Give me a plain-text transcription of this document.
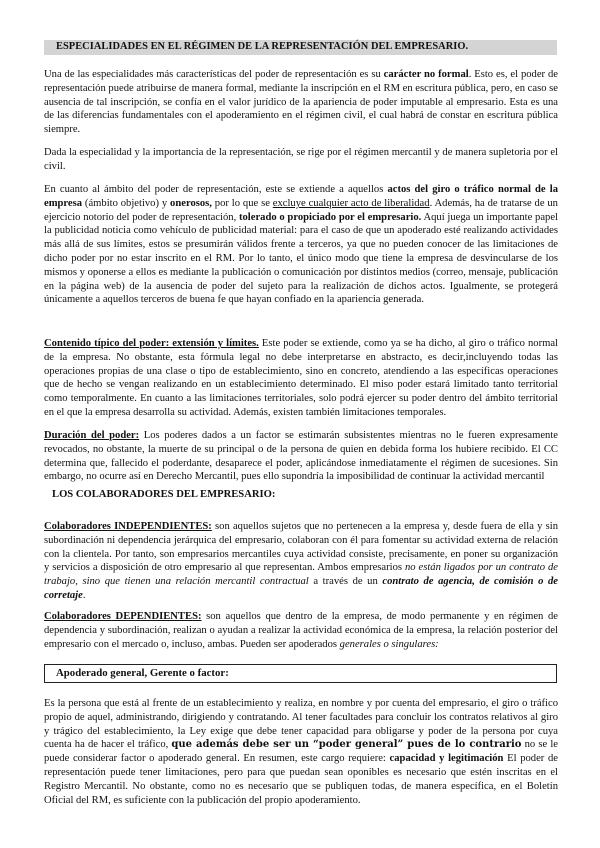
ESPECIALIDADES EN EL RÉGIMEN DE LA REPRESENTACIÓN DEL EMPRESARIO.

Una de las especialidades más características del poder de representación es su carácter no formal. Esto es, el poder de representación puede atribuirse de manera formal, mediante la inscripción en el RM en escritura pública, pero, en caso se ausencia de tal inscripción, se confía en el valor jurídico de la apariencia de poder imputable al empresario. Esta es una de las diferencias fundamentales con el apoderamiento en el régimen civil, el cual habrá de constar en escritura pública siempre.

Dada la especialidad y la importancia de la representación, se rige por el régimen mercantil y de manera supletoria por el civil.

En cuanto al ámbito del poder de representación, este se extiende a aquellos actos del giro o tráfico normal de la empresa (ámbito objetivo) y onerosos, por lo que se excluye cualquier acto de liberalidad. Además, ha de tratarse de un ejercicio notorio del poder de representación, tolerado o propiciado por el empresario. Aquí juega un importante papel la publicidad noticia como vehículo de publicidad material: para el caso de que un apoderado esté realizando actividades más allá de sus límites, estos se presumirán válidos frente a terceros, ya que no pueden conocer de las limitaciones de dicho poder por no estar inscrito en el RM. Por lo tanto, el único modo que tiene la empresa de desvincularse de los mismos y oponerse a ellos es mediante la publicación o comunicación por distintos medios (correo, mensaje, publicación en la página web) de la ausencia de poder del sujeto para la realización de dichos actos. Igualmente, se protegerá únicamente a aquellos terceros de buena fe que hayan confiado en la apariencia generada.

Contenido típico del poder: extensión y límites. Este poder se extiende, como ya se ha dicho, al giro o tráfico normal de la empresa. No obstante, esta fórmula legal no debe interpretarse en abstracto, es decir,incluyendo todas las operaciones propias de una clase o tipo de establecimiento, sino en concreto, atendiendo a las específicas operaciones que de hecho se vengan realizando en un establecimiento determinado. El miso poder estará limitado tanto territorial como temporalmente. En cuanto a las limitaciones territoriales, solo podrá ejercer su poder dentro del ámbito territorial en el que la empresa desarrolla su actividad. Además, existen también limitaciones temporales.

Duración del poder: Los poderes dados a un factor se estimarán subsistentes mientras no le fueren expresamente revocados, no obstante, la muerte de su principal o de la persona de quien en debida forma los hubiere recibido. El CC determina que, fallecido el poderdante, desaparece el poder, aplicándose inmediatamente el régimen de sucesiones. Sin embargo, no ocurre así en Derecho Mercantil, pues ello supondría la imposibilidad de continuar la actividad mercantil

LOS COLABORADORES DEL EMPRESARIO:

Colaboradores INDEPENDIENTES: son aquellos sujetos que no pertenecen a la empresa y, desde fuera de ella y sin subordinación ni dependencia jerárquica del empresario, colaboran con él para fomentar su actividad externa de relación con la clientela. Por tanto, son empresarios mercantiles cuya actividad consiste, precisamente, en poner su organización y servicios a disposición de otro empresario al que representan. Ambos empresarios no están ligados por un contrato de trabajo, sino que tienen una relación mercantil contractual a través de un contrato de agencia, de comisión o de corretaje.

Colaboradores DEPENDIENTES: son aquellos que dentro de la empresa, de modo permanente y en régimen de dependencia y subordinación, realizan o ayudan a realizar la actividad económica de la empresa, la relación posterior del empresario con el mercado o, incluso, ambas. Pueden ser apoderados generales o singulares:

Apoderado general, Gerente o factor:

Es la persona que está al frente de un establecimiento y realiza, en nombre y por cuenta del empresario, el giro o tráfico propio de aquel, administrando, dirigiendo y contratando. Al tener facultades para concluir los contratos relativos al giro y trágico del establecimiento, la Ley exige que debe tener capacidad para obligarse y poder de la persona por cuya cuenta ha de hacer el tráfico, que además debe ser un “poder general” pues de lo contrario no se le puede considerar factor o apoderado general. En resumen, este cargo requiere: capacidad y legitimación El poder de representación puede tener limitaciones, pero para que puedan sean oponibles es necesario que estén inscritas en el Registro Mercantil. No obstante, como no es necesario que se publiquen todas, de manera específica, en el Boletín Oficial del RM, es suficiente con la publicación del propio apoderamiento.
